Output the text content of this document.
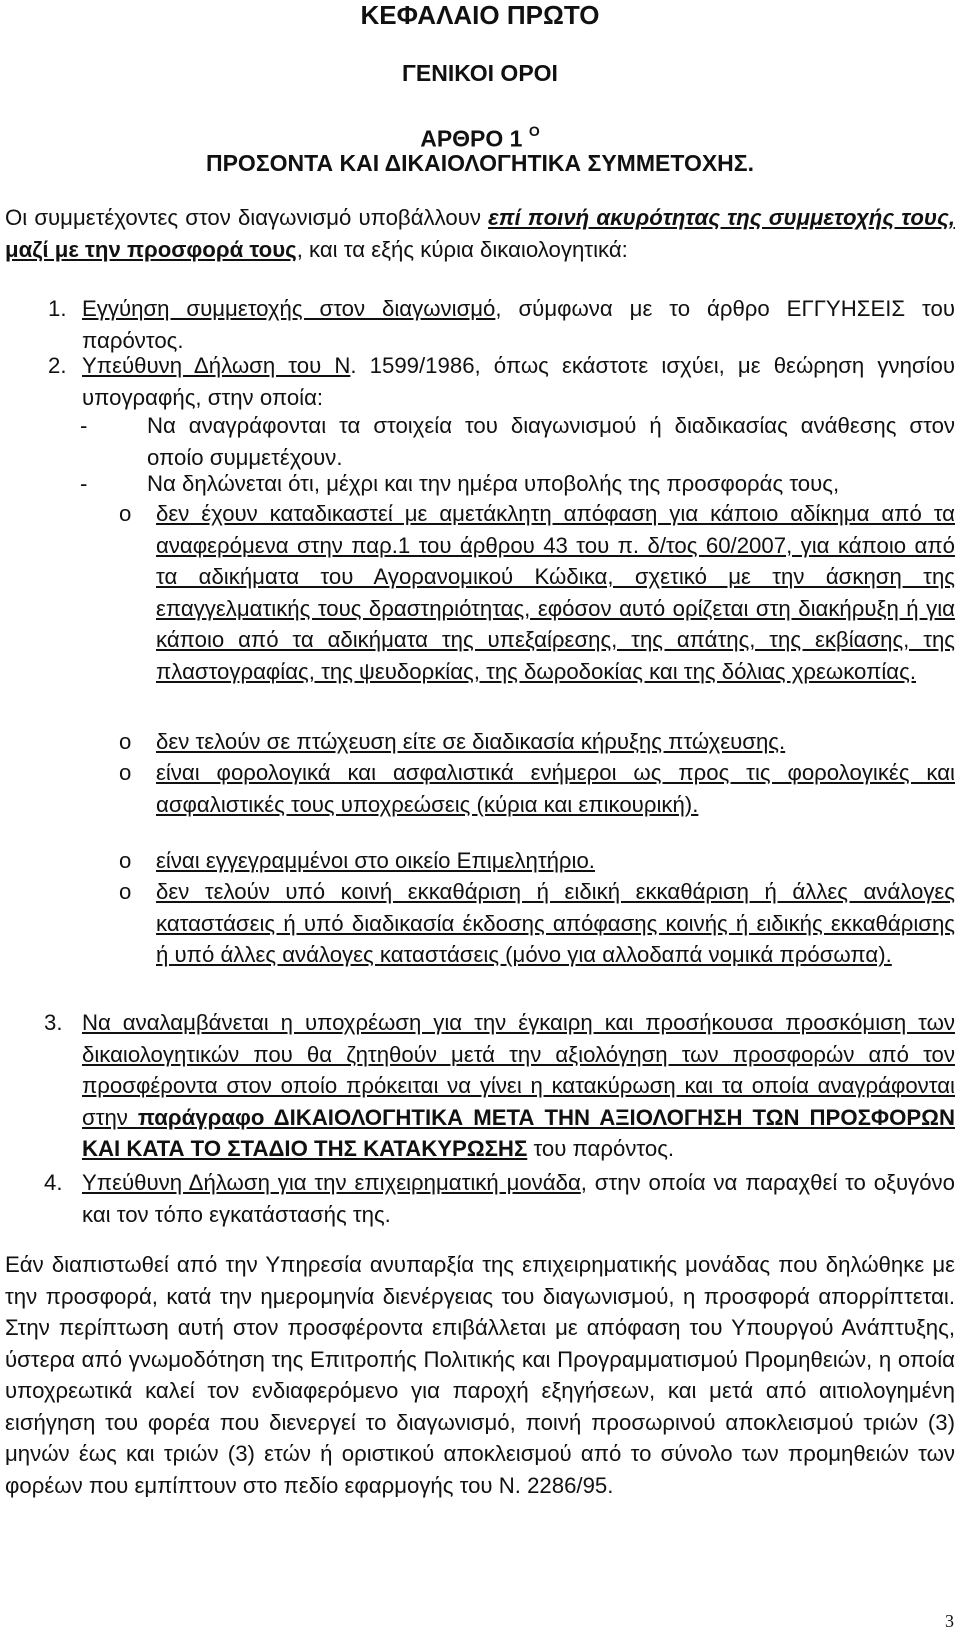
ΚΕΦΑΛΑΙΟ ΠΡΩΤΟ
ΓΕΝΙΚΟΙ ΟΡΟΙ
ΑΡΘΡΟ 1 $^O$
ΠΡΟΣΟΝΤΑ ΚΑΙ ΔΙΚΑΙΟΛΟΓΗΤΙΚΑ ΣΥΜΜΕΤΟΧΗΣ.
Οι συμμετέχοντες στον διαγωνισμό υποβάλλουν επί ποινή ακυρότητας της συμμετοχής τους, μαζί με την προσφορά τους, και τα εξής κύρια δικαιολογητικά:
1. Εγγύηση συμμετοχής στον διαγωνισμό, σύμφωνα με το άρθρο ΕΓΓΥΗΣΕΙΣ του παρόντος.
2. Υπεύθυνη Δήλωση του Ν. 1599/1986, όπως εκάστοτε ισχύει, με θεώρηση γνησίου υπογραφής, στην οποία:
-	Να αναγράφονται τα στοιχεία του διαγωνισμού ή διαδικασίας ανάθεσης στον οποίο συμμετέχουν.
-	Να δηλώνεται ότι, μέχρι και την ημέρα υποβολής της προσφοράς τους,
o δεν έχουν καταδικαστεί με αμετάκλητη απόφαση για κάποιο αδίκημα από τα αναφερόμενα στην παρ.1 του άρθρου 43 του π. δ/τος 60/2007, για κάποιο από τα αδικήματα του Αγορανομικού Κώδικα, σχετικό με την άσκηση της επαγγελματικής τους δραστηριότητας, εφόσον αυτό ορίζεται στη διακήρυξη ή για κάποιο από τα αδικήματα της υπεξαίρεσης, της απάτης, της εκβίασης, της πλαστογραφίας, της ψευδορκίας, της δωροδοκίας και της δόλιας χρεωκοπίας.
o δεν τελούν σε πτώχευση είτε σε διαδικασία κήρυξης πτώχευσης.
o είναι φορολογικά και ασφαλιστικά ενήμεροι ως προς τις φορολογικές και ασφαλιστικές τους υποχρεώσεις (κύρια και επικουρική).
o είναι εγγεγραμμένοι στο οικείο Επιμελητήριο.
o δεν τελούν υπό κοινή εκκαθάριση ή ειδική εκκαθάριση ή άλλες ανάλογες καταστάσεις ή υπό διαδικασία έκδοσης απόφασης κοινής ή ειδικής εκκαθάρισης ή υπό άλλες ανάλογες καταστάσεις (μόνο για αλλοδαπά νομικά πρόσωπα).
3. Να αναλαμβάνεται η υποχρέωση για την έγκαιρη και προσήκουσα προσκόμιση των δικαιολογητικών που θα ζητηθούν μετά την αξιολόγηση των προσφορών από τον προσφέροντα στον οποίο πρόκειται να γίνει η κατακύρωση και τα οποία αναγράφονται στην παράγραφο ΔΙΚΑΙΟΛΟΓΗΤΙΚΑ ΜΕΤΑ ΤΗΝ ΑΞΙΟΛΟΓΗΣΗ ΤΩΝ ΠΡΟΣΦΟΡΩΝ ΚΑΙ ΚΑΤΑ ΤΟ ΣΤΑΔΙΟ ΤΗΣ ΚΑΤΑΚΥΡΩΣΗΣ του παρόντος.
4. Υπεύθυνη Δήλωση για την επιχειρηματική μονάδα, στην οποία να παραχθεί το οξυγόνο και τον τόπο εγκατάστασής της.
Εάν διαπιστωθεί από την Υπηρεσία ανυπαρξία της επιχειρηματικής μονάδας που δηλώθηκε με την προσφορά, κατά την ημερομηνία διενέργειας του διαγωνισμού, η προσφορά απορρίπτεται. Στην περίπτωση αυτή στον προσφέροντα επιβάλλεται με απόφαση του Υπουργού Ανάπτυξης, ύστερα από γνωμοδότηση της Επιτροπής Πολιτικής και Προγραμματισμού Προμηθειών, η οποία υποχρεωτικά καλεί τον ενδιαφερόμενο για παροχή εξηγήσεων, και μετά από αιτιολογημένη εισήγηση του φορέα που διενεργεί το διαγωνισμό, ποινή προσωρινού αποκλεισμού τριών (3) μηνών έως και τριών (3) ετών ή οριστικού αποκλεισμού από το σύνολο των προμηθειών των φορέων που εμπίπτουν στο πεδίο εφαρμογής του Ν. 2286/95.
3
